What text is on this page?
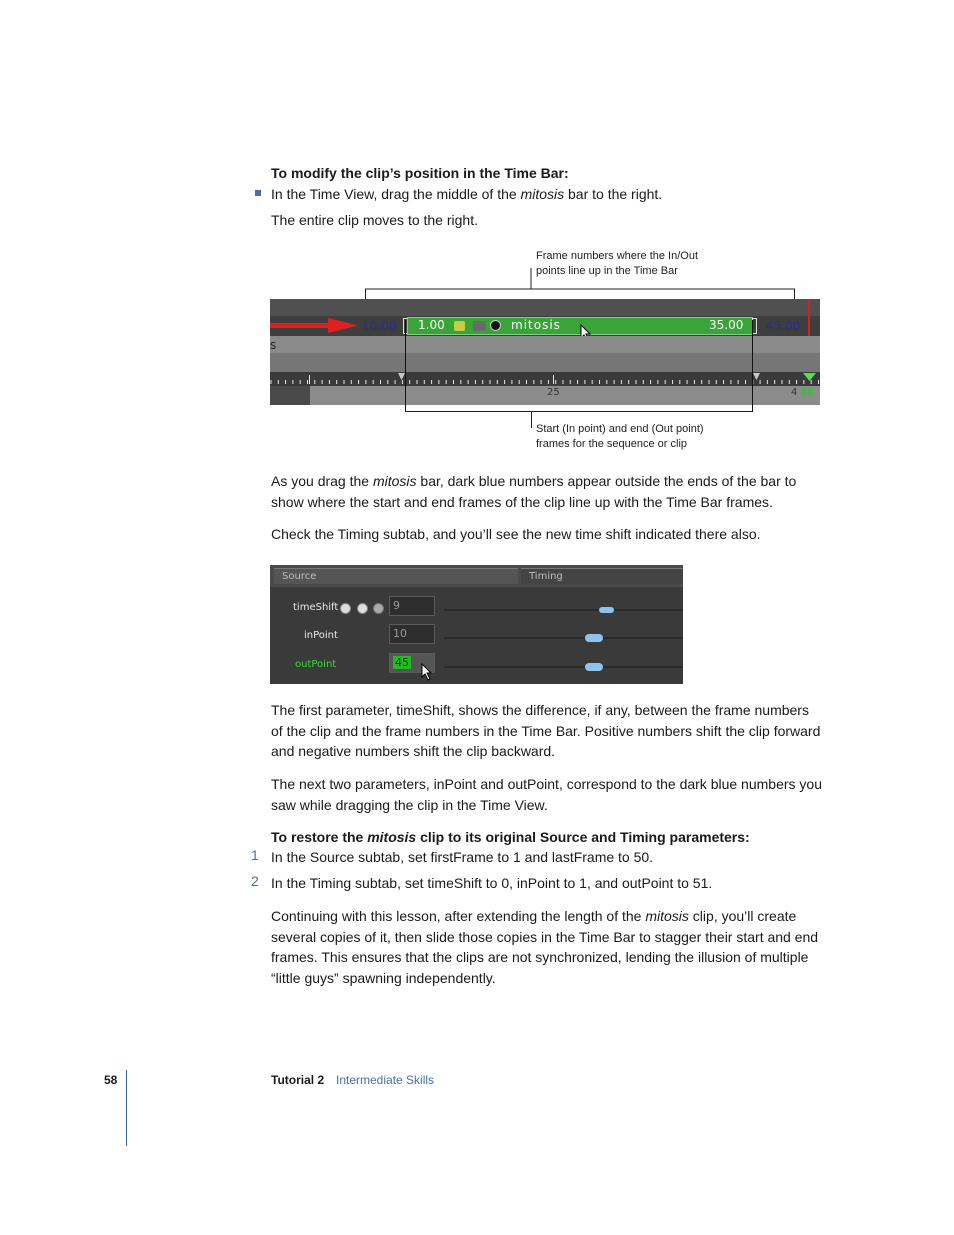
To modify the clip’s position in the Time Bar:

In the Time View, drag the middle of the mitosis bar to the right.

The entire clip moves to the right.

Frame numbers where the In/Out
points line up in the Time Bar
10.00 1.00	mitosis	35.00 45.00
s
25	4 50
Start (In point) and end (Out point)
frames for the sequence or clip

As you drag the mitosis bar, dark blue numbers appear outside the ends of the bar to show where the start and end frames of the clip line up with the Time Bar frames.

Check the Timing subtab, and you’ll see the new time shift indicated there also.

Source	Timing
timeShift	9
inPoint	10
outPoint	45

The first parameter, timeShift, shows the difference, if any, between the frame numbers of the clip and the frame numbers in the Time Bar. Positive numbers shift the clip forward and negative numbers shift the clip backward.

The next two parameters, inPoint and outPoint, correspond to the dark blue numbers you saw while dragging the clip in the Time View.

To restore the mitosis clip to its original Source and Timing parameters:

1 In the Source subtab, set firstFrame to 1 and lastFrame to 50.

2 In the Timing subtab, set timeShift to 0, inPoint to 1, and outPoint to 51.

Continuing with this lesson, after extending the length of the mitosis clip, you’ll create several copies of it, then slide those copies in the Time Bar to stagger their start and end frames. This ensures that the clips are not synchronized, lending the illusion of multiple “little guys” spawning independently.

58	Tutorial 2 Intermediate Skills
